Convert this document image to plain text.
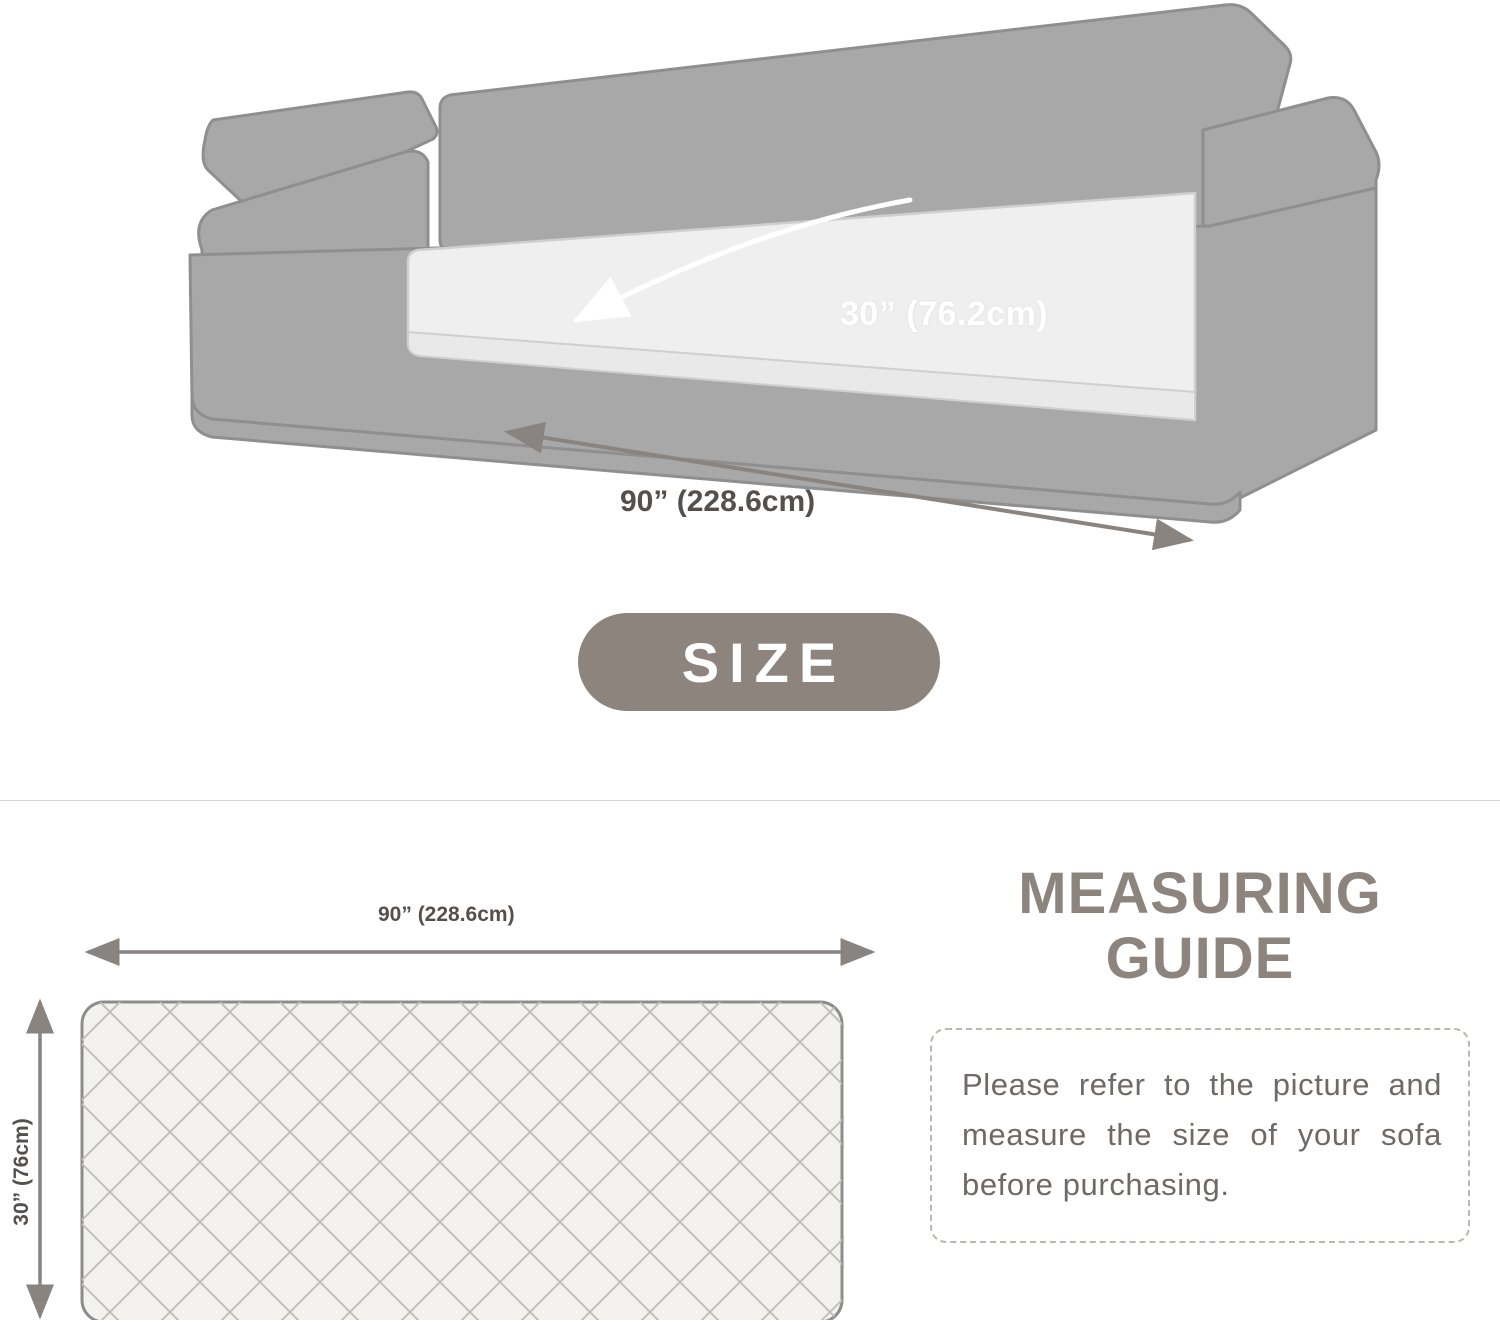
30” (76.2cm)
90” (228.6cm)
SIZE
90” (228.6cm)
30” (76cm)
MEASURING
GUIDE

Please refer to the picture and measure the size of your sofa before purchasing.
